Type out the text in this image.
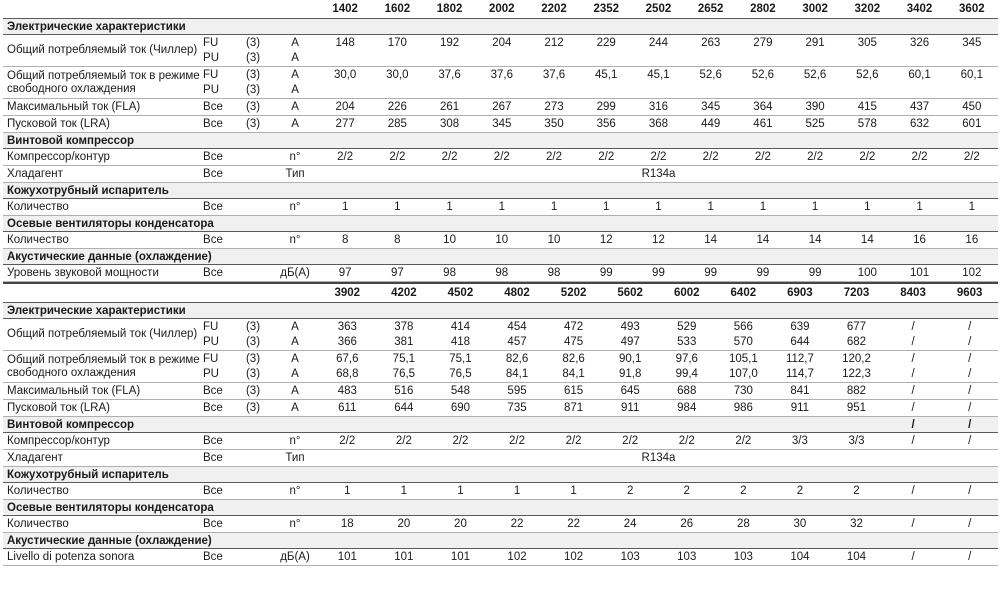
				1402	1602	1802	2002	2202	2352	2502	2652	2802	3002	3202	3402	3602
Электрические характеристики																
Общий потребляемый ток (Чиллер)	FU	(3)	A	148	170	192	204	212	229	244	263	279	291	305	326	345
	PU	(3)	A													
Общий потребляемый ток в режиме свободного охлаждения	FU	(3)	A	30,0	30,0	37,6	37,6	37,6	45,1	45,1	52,6	52,6	52,6	52,6	60,1	60,1
	PU	(3)	A													
Максимальный ток (FLA)	Все	(3)	A	204	226	261	267	273	299	316	345	364	390	415	437	450
Пусковой ток (LRA)	Все	(3)	A	277	285	308	345	350	356	368	449	461	525	578	632	601
Винтовой компрессор																
Компрессор/контур	Все		n°	2/2	2/2	2/2	2/2	2/2	2/2	2/2	2/2	2/2	2/2	2/2	2/2	2/2
Хладагент	Все		Тип	R134a												
Кожухотрубный испаритель																
Количество	Все		n°	1	1	1	1	1	1	1	1	1	1	1	1	1
Осевые вентиляторы конденсатора																
Количество	Все		n°	8	8	10	10	10	12	12	14	14	14	14	16	16
Акустические данные (охлаждение)																
Уровень звуковой мощности	Все		дБ(А)	97	97	98	98	98	99	99	99	99	99	100	101	102
				3902	4202	4502	4802	5202	5602	6002	6402	6903	7203	8403	9603
Электрические характеристики															
Общий потребляемый ток (Чиллер)	FU	(3)	A	363	378	414	454	472	493	529	566	639	677	/	/
	PU	(3)	A	366	381	418	457	475	497	533	570	644	682	/	/
Общий потребляемый ток в режиме свободного охлаждения	FU	(3)	A	67,6	75,1	75,1	82,6	82,6	90,1	97,6	105,1	112,7	120,2	/	/
	PU	(3)	A	68,8	76,5	76,5	84,1	84,1	91,8	99,4	107,0	114,7	122,3	/	/
Максимальный ток (FLA)	Все	(3)	A	483	516	548	595	615	645	688	730	841	882	/	/
Пусковой ток (LRA)	Все	(3)	A	611	644	690	735	871	911	984	986	911	951	/	/
Винтовой компрессор														/	/
Компрессор/контур	Все		n°	2/2	2/2	2/2	2/2	2/2	2/2	2/2	2/2	3/3	3/3	/	/
Хладагент	Все		Тип	R134a											
Кожухотрубный испаритель															
Количество	Все		n°	1	1	1	1	1	2	2	2	2	2	/	/
Осевые вентиляторы конденсатора															
Количество	Все		n°	18	20	20	22	22	24	26	28	30	32	/	/
Акустические данные (охлаждение)															
Livello di potenza sonora	Все		дБ(А)	101	101	101	102	102	103	103	103	104	104	/	/
